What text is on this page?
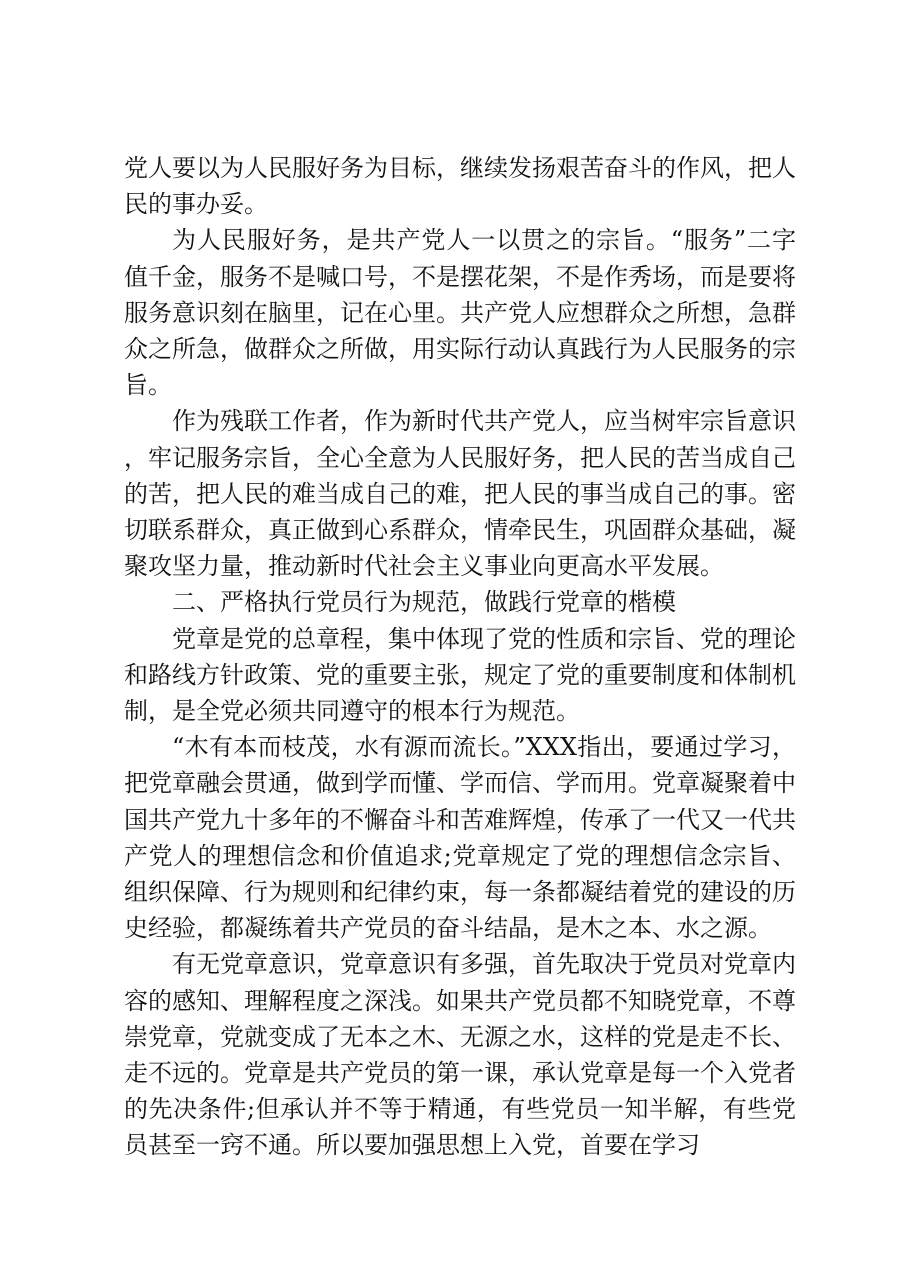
党人要以为人民服好务为目标，继续发扬艰苦奋斗的作风，把人民的事办妥。

为人民服好务，是共产党人一以贯之的宗旨。“服务”二字值千金，服务不是喊口号，不是摆花架，不是作秀场，而是要将服务意识刻在脑里，记在心里。共产党人应想群众之所想，急群众之所急，做群众之所做，用实际行动认真践行为人民服务的宗旨。

作为残联工作者，作为新时代共产党人，应当树牢宗旨意识，牢记服务宗旨，全心全意为人民服好务，把人民的苦当成自己的苦，把人民的难当成自己的难，把人民的事当成自己的事。密切联系群众，真正做到心系群众，情牵民生，巩固群众基础，凝聚攻坚力量，推动新时代社会主义事业向更高水平发展。

二、严格执行党员行为规范，做践行党章的楷模

党章是党的总章程，集中体现了党的性质和宗旨、党的理论和路线方针政策、党的重要主张，规定了党的重要制度和体制机制，是全党必须共同遵守的根本行为规范。

“木有本而枝茂，水有源而流长。”XXX指出，要通过学习，把党章融会贯通，做到学而懂、学而信、学而用。党章凝聚着中国共产党九十多年的不懈奋斗和苦难辉煌，传承了一代又一代共产党人的理想信念和价值追求;党章规定了党的理想信念宗旨、组织保障、行为规则和纪律约束，每一条都凝结着党的建设的历史经验，都凝练着共产党员的奋斗结晶，是木之本、水之源。

有无党章意识，党章意识有多强，首先取决于党员对党章内容的感知、理解程度之深浅。如果共产党员都不知晓党章，不尊崇党章，党就变成了无本之木、无源之水，这样的党是走不长、走不远的。党章是共产党员的第一课，承认党章是每一个入党者的先决条件;但承认并不等于精通，有些党员一知半解，有些党员甚至一窍不通。所以要加强思想上入党，首要在学习
